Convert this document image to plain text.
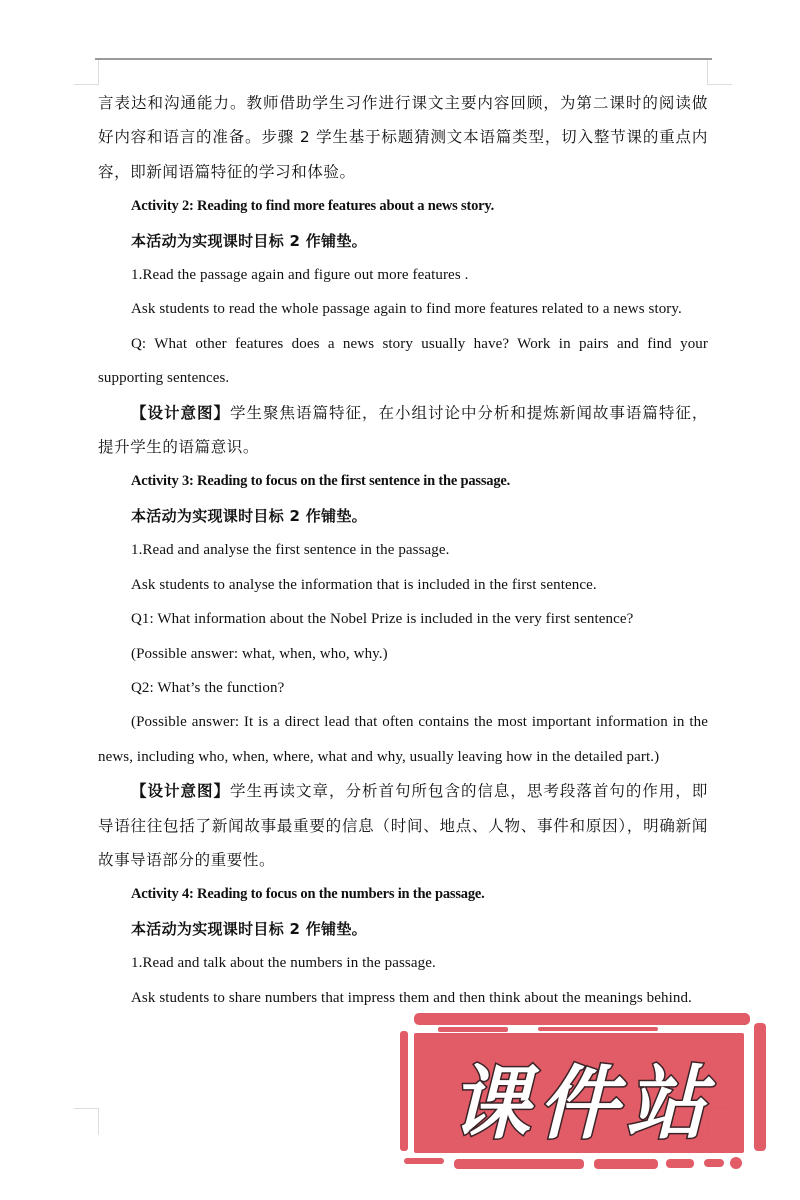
言表达和沟通能力。教师借助学生习作进行课文主要内容回顾，为第二课时的阅读做好内容和语言的准备。步骤 2 学生基于标题猜测文本语篇类型，切入整节课的重点内容，即新闻语篇特征的学习和体验。

Activity 2: Reading to find more features about a news story.

本活动为实现课时目标 2 作铺垫。

1.Read the passage again and figure out more features .

Ask students to read the whole passage again to find more features related to a news story.

Q: What other features does a news story usually have? Work in pairs and find your supporting sentences.

【设计意图】学生聚焦语篇特征，在小组讨论中分析和提炼新闻故事语篇特征，提升学生的语篇意识。

Activity 3: Reading to focus on the first sentence in the passage.

本活动为实现课时目标 2 作铺垫。

1.Read and analyse the first sentence in the passage.

Ask students to analyse the information that is included in the first sentence.

Q1: What information about the Nobel Prize is included in the very first sentence?

(Possible answer: what, when, who, why.)

Q2: What’s the function?

(Possible answer: It is a direct lead that often contains the most important information in the news, including who, when, where, what and why, usually leaving how in the detailed part.)

【设计意图】学生再读文章，分析首句所包含的信息，思考段落首句的作用，即导语往往包括了新闻故事最重要的信息（时间、地点、人物、事件和原因），明确新闻故事导语部分的重要性。

Activity 4: Reading to focus on the numbers in the passage.

本活动为实现课时目标 2 作铺垫。

1.Read and talk about the numbers in the passage.

Ask students to share numbers that impress them and then think about the meanings behind.

课件站
